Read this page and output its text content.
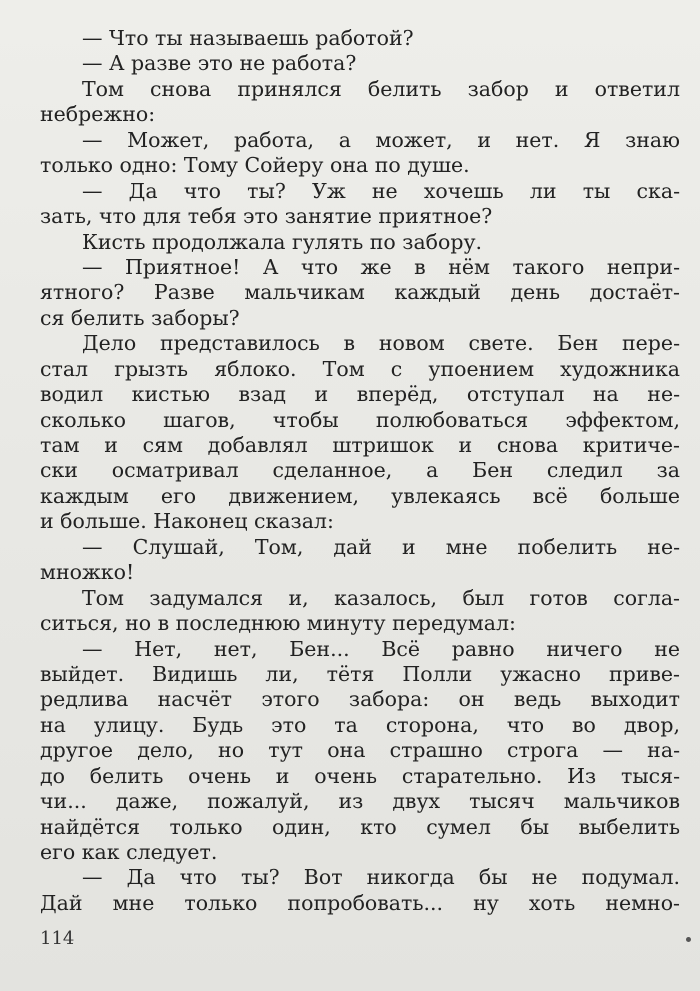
— Что ты называешь работой?
— А разве это не работа?
Том снова принялся белить забор и ответил
небрежно:
— Может, работа, а может, и нет. Я знаю
только одно: Тому Сойеру она по душе.
— Да что ты? Уж не хочешь ли ты ска-
зать, что для тебя это занятие приятное?
Кисть продолжала гулять по забору.
— Приятное! А что же в нём такого непри-
ятного? Разве мальчикам каждый день достаёт-
ся белить заборы?
Дело представилось в новом свете. Бен пере-
стал грызть яблоко. Том с упоением художника
водил кистью взад и вперёд, отступал на не-
сколько шагов, чтобы полюбоваться эффектом,
там и сям добавлял штришок и снова критиче-
ски осматривал сделанное, а Бен следил за
каждым его движением, увлекаясь всё больше
и больше. Наконец сказал:
— Слушай, Том, дай и мне побелить не-
множко!
Том задумался и, казалось, был готов согла-
ситься, но в последнюю минуту передумал:
— Нет, нет, Бен... Всё равно ничего не
выйдет. Видишь ли, тётя Полли ужасно приве-
редлива насчёт этого забора: он ведь выходит
на улицу. Будь это та сторона, что во двор,
другое дело, но тут она страшно строга — на-
до белить очень и очень старательно. Из тыся-
чи... даже, пожалуй, из двух тысяч мальчиков
найдётся только один, кто сумел бы выбелить
его как следует.
— Да что ты? Вот никогда бы не подумал.
Дай мне только попробовать... ну хоть немно-
114
